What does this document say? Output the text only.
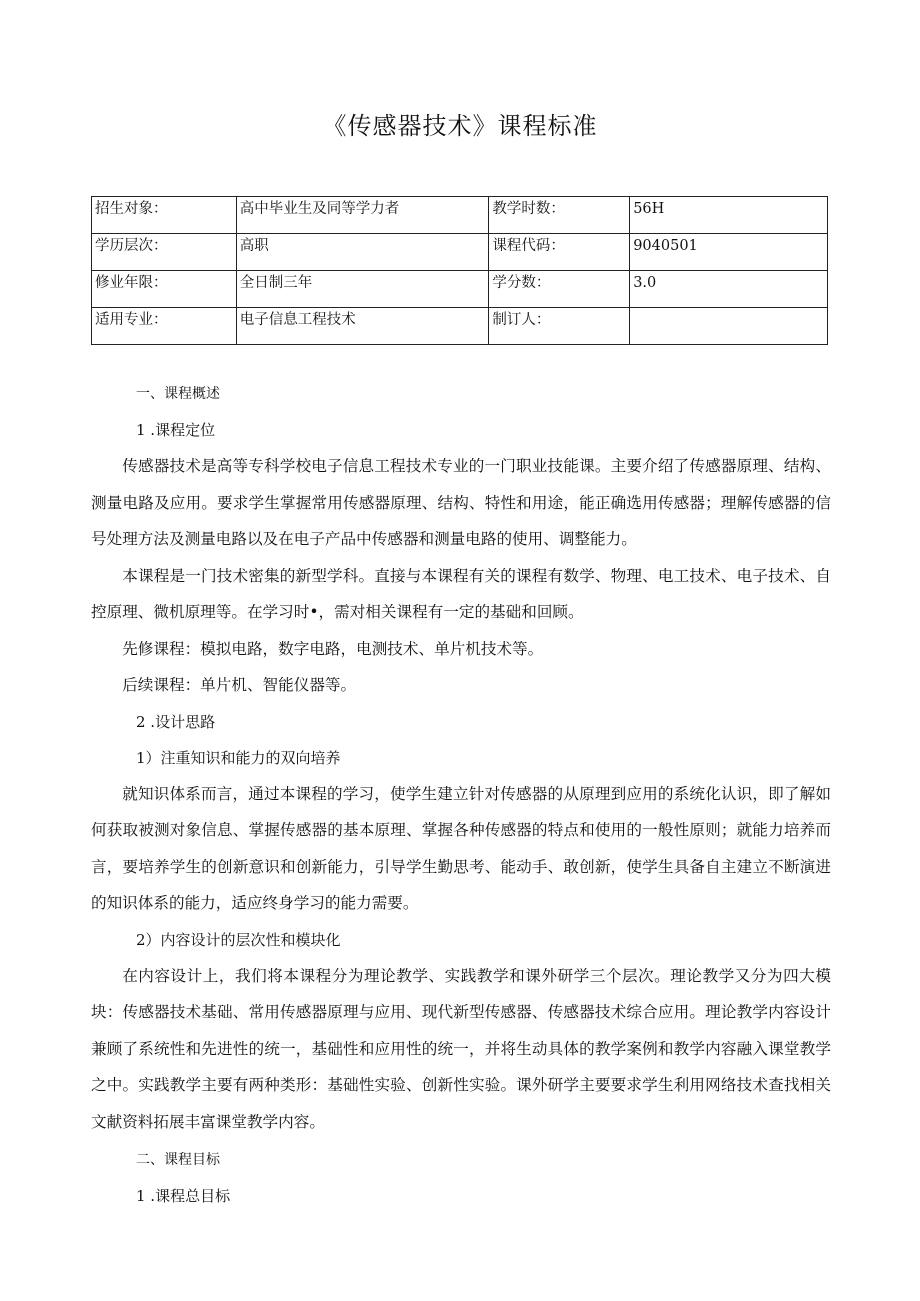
《传感器技术》课程标准
招生对象：	高中毕业生及同等学力者	教学时数：	56H
学历层次：	高职	课程代码：	9040501
修业年限：	全日制三年	学分数：	3.0
适用专业：	电子信息工程技术	制订人：	

一、课程概述

1 .课程定位

传感器技术是高等专科学校电子信息工程技术专业的一门职业技能课。主要介绍了传感器原理、结构、测量电路及应用。要求学生掌握常用传感器原理、结构、特性和用途，能正确选用传感器；理解传感器的信号处理方法及测量电路以及在电子产品中传感器和测量电路的使用、调整能力。

本课程是一门技术密集的新型学科。直接与本课程有关的课程有数学、物理、电工技术、电子技术、自控原理、微机原理等。在学习时•，需对相关课程有一定的基础和回顾。

先修课程：模拟电路，数字电路，电测技术、单片机技术等。

后续课程：单片机、智能仪器等。

2 .设计思路

1）注重知识和能力的双向培养

就知识体系而言，通过本课程的学习，使学生建立针对传感器的从原理到应用的系统化认识，即了解如何获取被测对象信息、掌握传感器的基本原理、掌握各种传感器的特点和使用的一般性原则；就能力培养而言，要培养学生的创新意识和创新能力，引导学生勤思考、能动手、敢创新，使学生具备自主建立不断演进的知识体系的能力，适应终身学习的能力需要。

2）内容设计的层次性和模块化

在内容设计上，我们将本课程分为理论教学、实践教学和课外研学三个层次。理论教学又分为四大模块：传感器技术基础、常用传感器原理与应用、现代新型传感器、传感器技术综合应用。理论教学内容设计兼顾了系统性和先进性的统一，基础性和应用性的统一，并将生动具体的教学案例和教学内容融入课堂教学之中。实践教学主要有两种类形：基础性实验、创新性实验。课外研学主要要求学生利用网络技术查找相关文献资料拓展丰富课堂教学内容。

二、课程目标

1 .课程总目标
